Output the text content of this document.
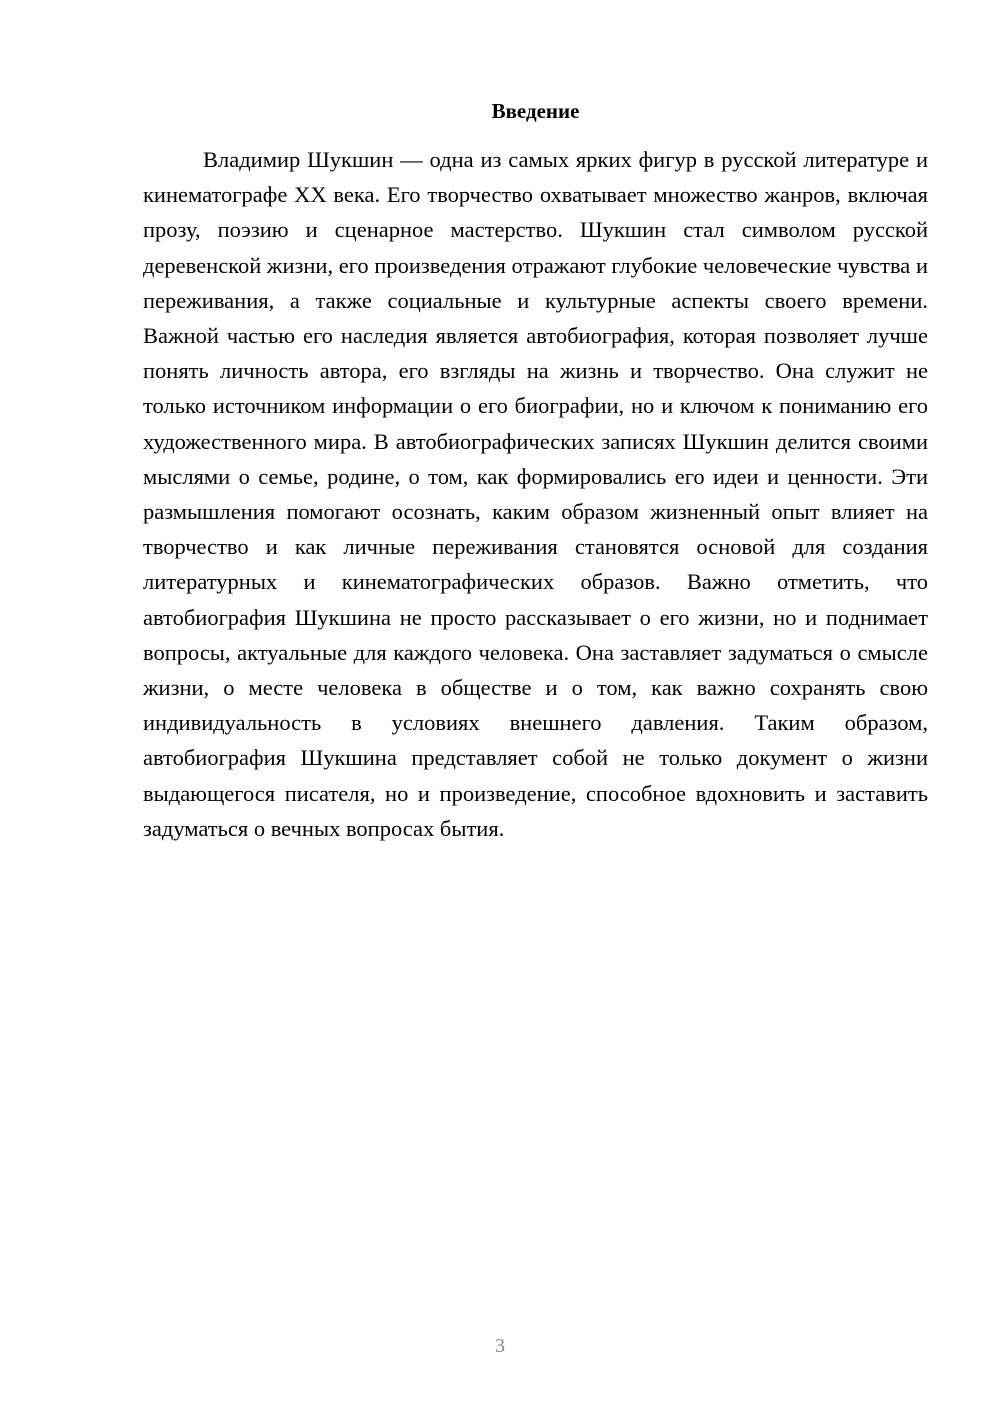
Введение

Владимир Шукшин — одна из самых ярких фигур в русской литературе и кинематографе XX века. Его творчество охватывает множество жанров, включая прозу, поэзию и сценарное мастерство. Шукшин стал символом русской деревенской жизни, его произведения отражают глубокие человеческие чувства и переживания, а также социальные и культурные аспекты своего времени. Важной частью его наследия является автобиография, которая позволяет лучше понять личность автора, его взгляды на жизнь и творчество. Она служит не только источником информации о его биографии, но и ключом к пониманию его художественного мира. В автобиографических записях Шукшин делится своими мыслями о семье, родине, о том, как формировались его идеи и ценности. Эти размышления помогают осознать, каким образом жизненный опыт влияет на творчество и как личные переживания становятся основой для создания литературных и кинематографических образов. Важно отметить, что автобиография Шукшина не просто рассказывает о его жизни, но и поднимает вопросы, актуальные для каждого человека. Она заставляет задуматься о смысле жизни, о месте человека в обществе и о том, как важно сохранять свою индивидуальность в условиях внешнего давления. Таким образом, автобиография Шукшина представляет собой не только документ о жизни выдающегося писателя, но и произведение, способное вдохновить и заставить задуматься о вечных вопросах бытия.

3
